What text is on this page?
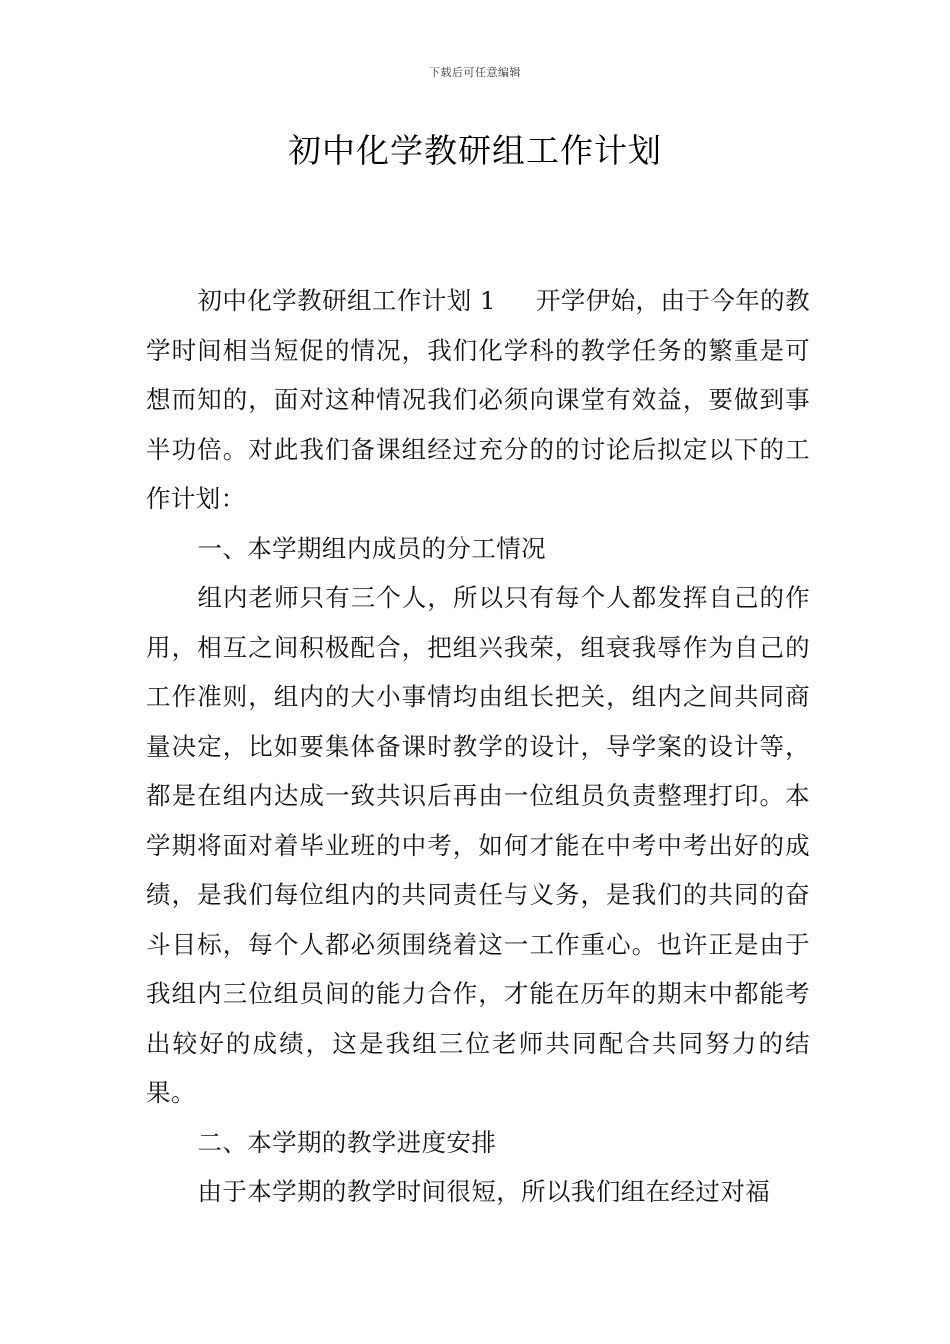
下载后可任意编辑
初中化学教研组工作计划

初中化学教研组工作计划 1 开学伊始，由于今年的教学时间相当短促的情况，我们化学科的教学任务的繁重是可想而知的，面对这种情况我们必须向课堂有效益，要做到事半功倍。对此我们备课组经过充分的的讨论后拟定以下的工作计划：

一、本学期组内成员的分工情况

组内老师只有三个人，所以只有每个人都发挥自己的作用，相互之间积极配合，把组兴我荣，组衰我辱作为自己的工作准则，组内的大小事情均由组长把关，组内之间共同商量决定，比如要集体备课时教学的设计，导学案的设计等，都是在组内达成一致共识后再由一位组员负责整理打印。本学期将面对着毕业班的中考，如何才能在中考中考出好的成绩，是我们每位组内的共同责任与义务，是我们的共同的奋斗目标，每个人都必须围绕着这一工作重心。也许正是由于我组内三位组员间的能力合作，才能在历年的期末中都能考出较好的成绩，这是我组三位老师共同配合共同努力的结果。

二、本学期的教学进度安排

由于本学期的教学时间很短，所以我们组在经过对福
